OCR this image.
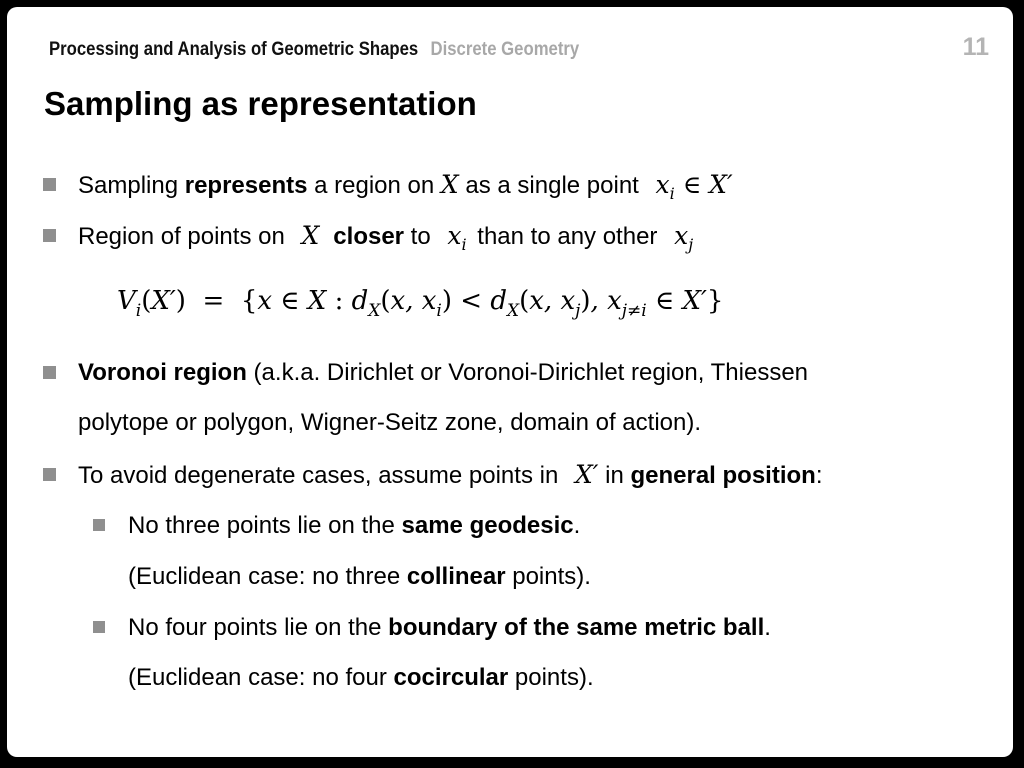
Processing and Analysis of Geometric Shapes Discrete Geometry	11
Sampling as representation
Sampling represents a region on X as a single point $x_i$ ∈ X′
Region of points on X closer to $x_i$ than to any other $x_j$
$V_i(X') = \{x$ ∈ X : $d_X(x$, $x_i) < d_X(x$, $x_j$), $x_{j\ne i}$ ∈ X′}
Voronoi region (a.k.a. Dirichlet or Voronoi-Dirichlet region, Thiessen
polytope or polygon, Wigner-Seitz zone, domain of action).
To avoid degenerate cases, assume points in X′ in general position:
No three points lie on the same geodesic.
(Euclidean case: no three collinear points).
No four points lie on the boundary of the same metric ball.
(Euclidean case: no four cocircular points).
